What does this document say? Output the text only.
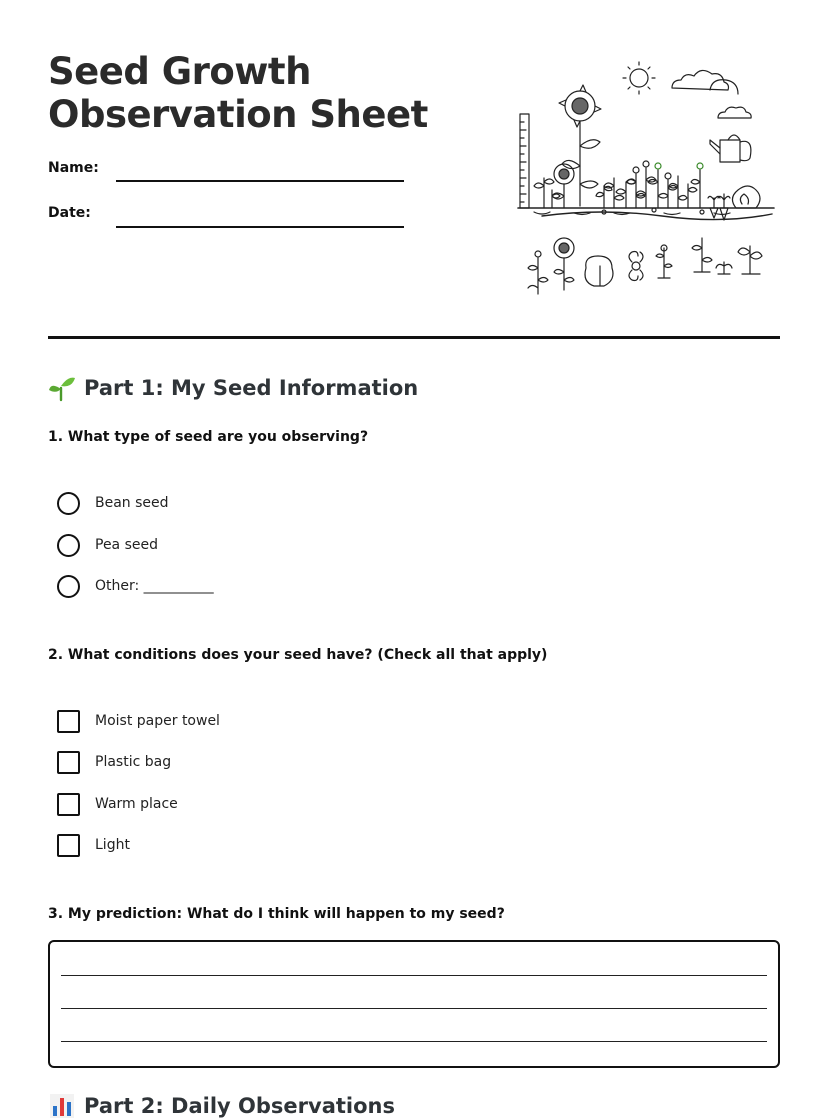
Seed Growth
Observation Sheet
Name:
Date:
Part 1: My Seed Information
1. What type of seed are you observing?
Bean seed
Pea seed
Other: __________
2. What conditions does your seed have? (Check all that apply)
Moist paper towel
Plastic bag
Warm place
Light
3. My prediction: What do I think will happen to my seed?
Part 2: Daily Observations
